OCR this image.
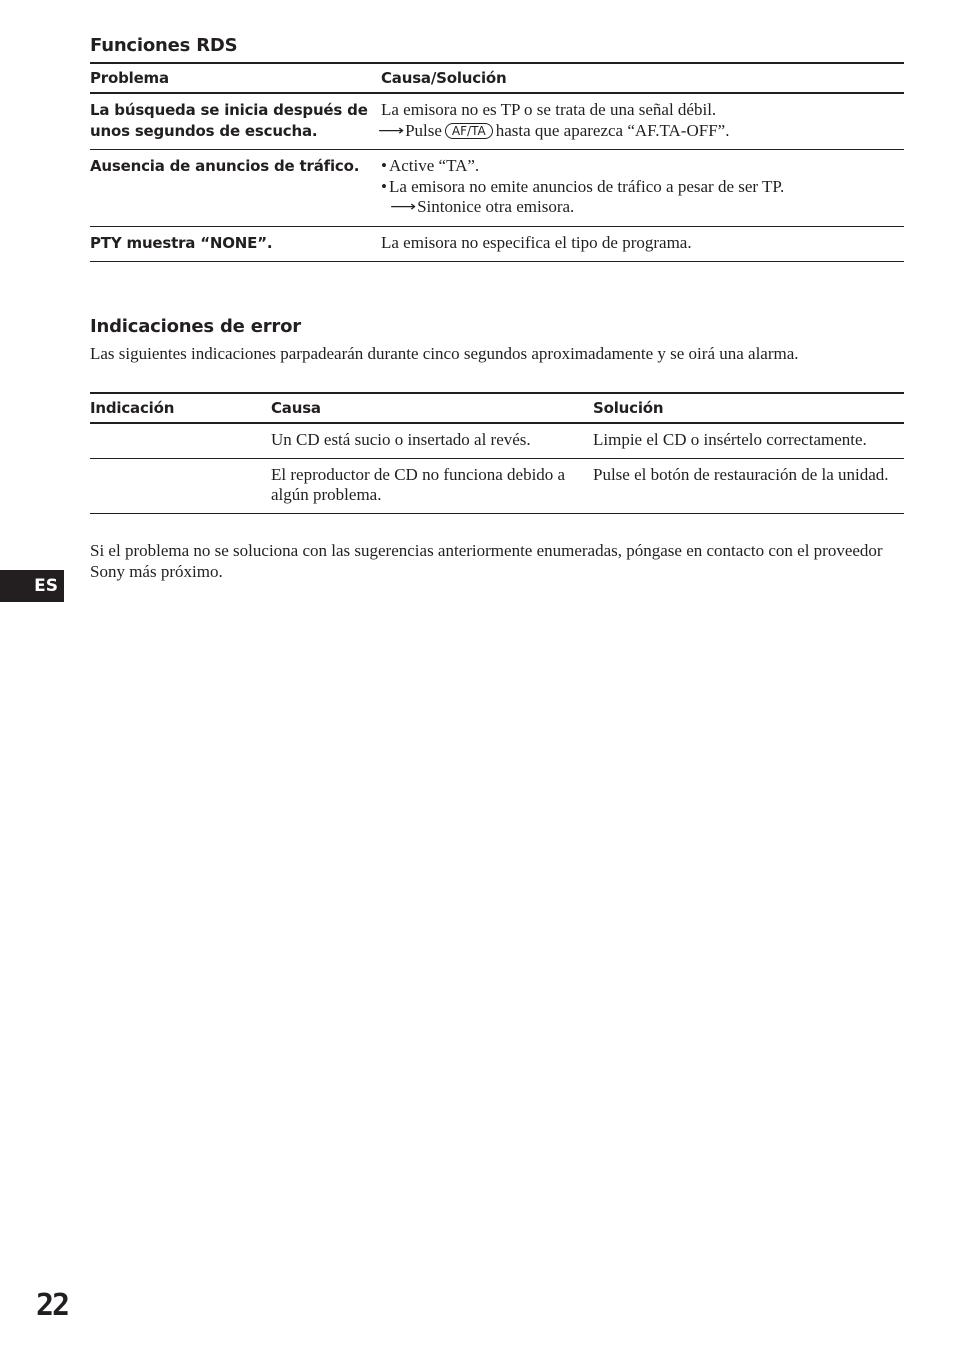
Funciones RDS
Problema	Causa/Solución
La búsqueda se inicia después de unos segundos de escucha.	La emisora no es TP o se trata de una señal débil.
⟶Pulse AF/TA hasta que aparezca “AF.TA-OFF”.

Ausencia de anuncios de tráfico.	• Active “TA”.
• La emisora no emite anuncios de tráfico a pesar de ser TP.
⟶Sintonice otra emisora.

PTY muestra “NONE”.	La emisora no especifica el tipo de programa.
Indicaciones de error

Las siguientes indicaciones parpadearán durante cinco segundos aproximadamente y se oirá una alarma.

Indicación	Causa	Solución
	Un CD está sucio o insertado al revés.	Limpie el CD o insértelo correctamente.
	El reproductor de CD no funciona debido a algún problema.	Pulse el botón de restauración de la unidad.

Si el problema no se soluciona con las sugerencias anteriormente enumeradas, póngase en contacto con el proveedor Sony más próximo.

ES
22
